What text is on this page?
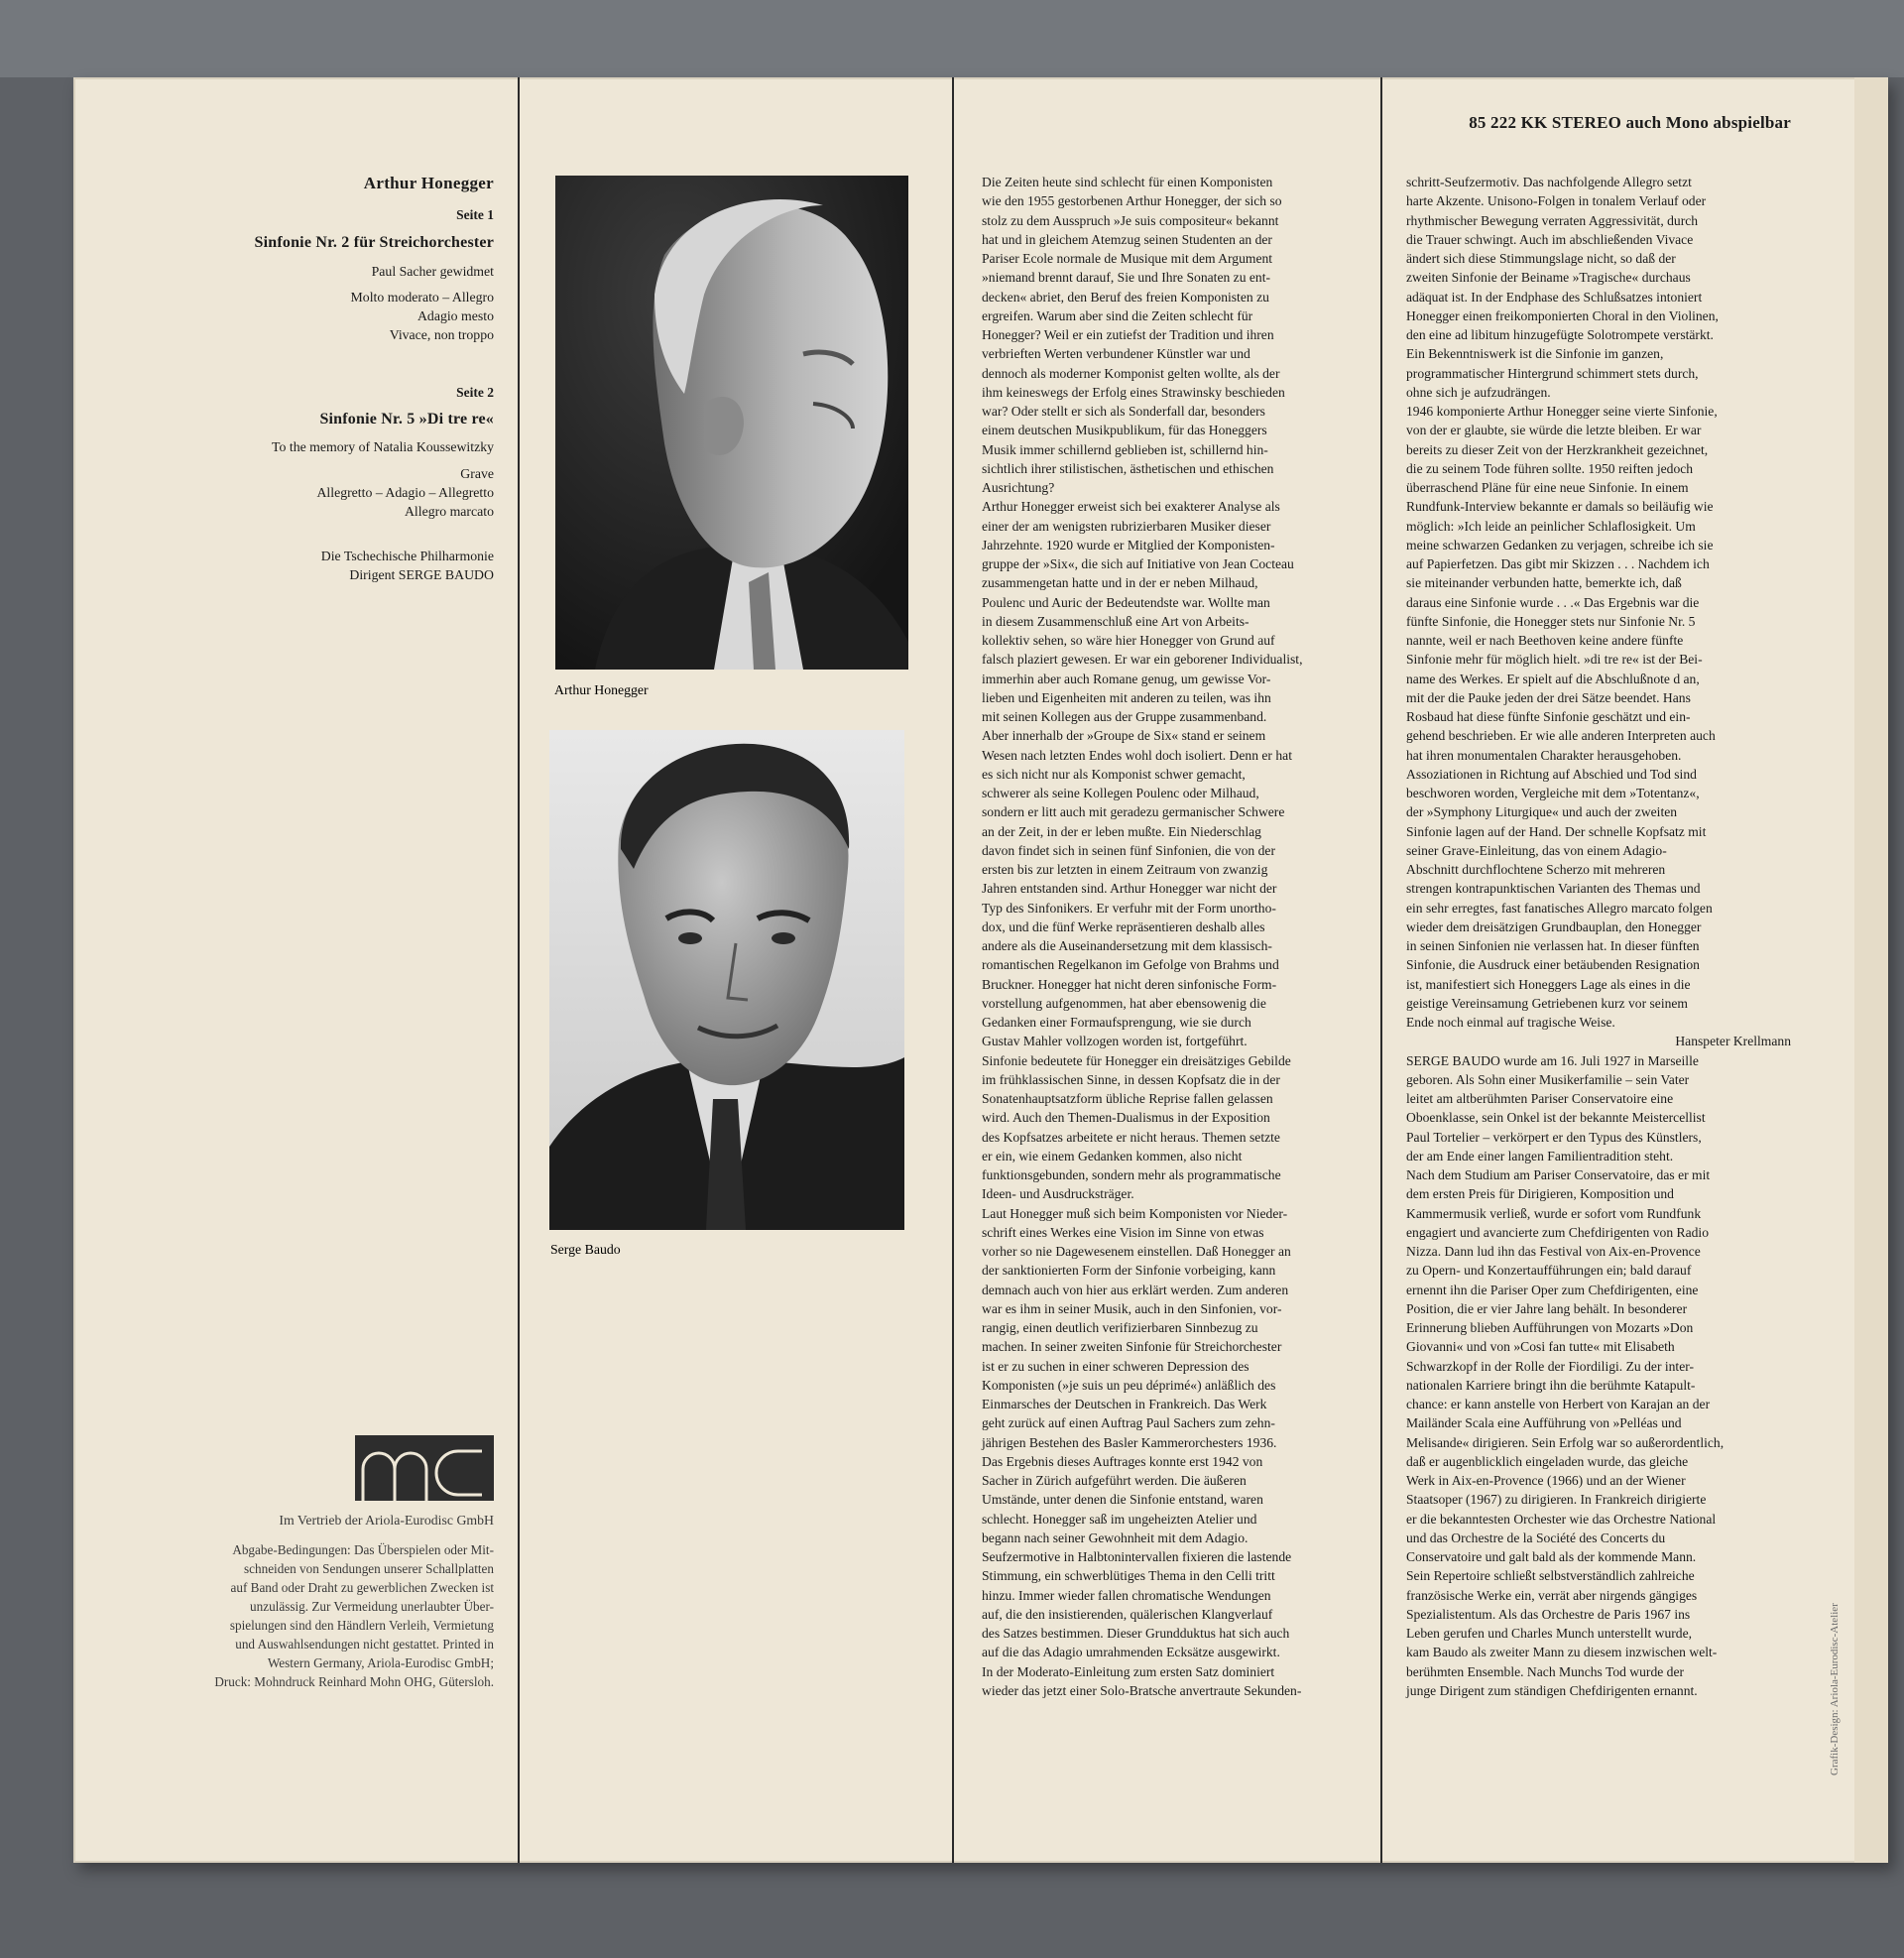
Arthur Honegger
Seite 1
Sinfonie Nr. 2 für Streichorchester
Paul Sacher gewidmet
Molto moderato – Allegro
Adagio mesto
Vivace, non troppo
Seite 2
Sinfonie Nr. 5 »Di tre re«
To the memory of Natalia Koussewitzky
Grave
Allegretto – Adagio – Allegretto
Allegro marcato
Die Tschechische Philharmonie
Dirigent SERGE BAUDO
Im Vertrieb der Ariola-Eurodisc GmbH
Abgabe-Bedingungen: Das Überspielen oder Mit-
schneiden von Sendungen unserer Schallplatten
auf Band oder Draht zu gewerblichen Zwecken ist
unzulässig. Zur Vermeidung unerlaubter Über-
spielungen sind den Händlern Verleih, Vermietung
und Auswahlsendungen nicht gestattet. Printed in
Western Germany, Ariola-Eurodisc GmbH;
Druck: Mohndruck Reinhard Mohn OHG, Gütersloh.
Arthur Honegger
Serge Baudo
Die Zeiten heute sind schlecht für einen Komponisten
wie den 1955 gestorbenen Arthur Honegger, der sich so
stolz zu dem Ausspruch »Je suis compositeur« bekannt
hat und in gleichem Atemzug seinen Studenten an der
Pariser Ecole normale de Musique mit dem Argument
»niemand brennt darauf, Sie und Ihre Sonaten zu ent-
decken« abriet, den Beruf des freien Komponisten zu
ergreifen. Warum aber sind die Zeiten schlecht für
Honegger? Weil er ein zutiefst der Tradition und ihren
verbrieften Werten verbundener Künstler war und
dennoch als moderner Komponist gelten wollte, als der
ihm keineswegs der Erfolg eines Strawinsky beschieden
war? Oder stellt er sich als Sonderfall dar, besonders
einem deutschen Musikpublikum, für das Honeggers
Musik immer schillernd geblieben ist, schillernd hin-
sichtlich ihrer stilistischen, ästhetischen und ethischen
Ausrichtung?
Arthur Honegger erweist sich bei exakterer Analyse als
einer der am wenigsten rubrizierbaren Musiker dieser
Jahrzehnte. 1920 wurde er Mitglied der Komponisten-
gruppe der »Six«, die sich auf Initiative von Jean Cocteau
zusammengetan hatte und in der er neben Milhaud,
Poulenc und Auric der Bedeutendste war. Wollte man
in diesem Zusammenschluß eine Art von Arbeits-
kollektiv sehen, so wäre hier Honegger von Grund auf
falsch plaziert gewesen. Er war ein geborener Individualist,
immerhin aber auch Romane genug, um gewisse Vor-
lieben und Eigenheiten mit anderen zu teilen, was ihn
mit seinen Kollegen aus der Gruppe zusammenband.
Aber innerhalb der »Groupe de Six« stand er seinem
Wesen nach letzten Endes wohl doch isoliert. Denn er hat
es sich nicht nur als Komponist schwer gemacht,
schwerer als seine Kollegen Poulenc oder Milhaud,
sondern er litt auch mit geradezu germanischer Schwere
an der Zeit, in der er leben mußte. Ein Niederschlag
davon findet sich in seinen fünf Sinfonien, die von der
ersten bis zur letzten in einem Zeitraum von zwanzig
Jahren entstanden sind. Arthur Honegger war nicht der
Typ des Sinfonikers. Er verfuhr mit der Form unortho-
dox, und die fünf Werke repräsentieren deshalb alles
andere als die Auseinandersetzung mit dem klassisch-
romantischen Regelkanon im Gefolge von Brahms und
Bruckner. Honegger hat nicht deren sinfonische Form-
vorstellung aufgenommen, hat aber ebensowenig die
Gedanken einer Formaufsprengung, wie sie durch
Gustav Mahler vollzogen worden ist, fortgeführt.
Sinfonie bedeutete für Honegger ein dreisätziges Gebilde
im frühklassischen Sinne, in dessen Kopfsatz die in der
Sonatenhauptsatzform übliche Reprise fallen gelassen
wird. Auch den Themen-Dualismus in der Exposition
des Kopfsatzes arbeitete er nicht heraus. Themen setzte
er ein, wie einem Gedanken kommen, also nicht
funktionsgebunden, sondern mehr als programmatische
Ideen- und Ausdrucksträger.
Laut Honegger muß sich beim Komponisten vor Nieder-
schrift eines Werkes eine Vision im Sinne von etwas
vorher so nie Dagewesenem einstellen. Daß Honegger an
der sanktionierten Form der Sinfonie vorbeiging, kann
demnach auch von hier aus erklärt werden. Zum anderen
war es ihm in seiner Musik, auch in den Sinfonien, vor-
rangig, einen deutlich verifizierbaren Sinnbezug zu
machen. In seiner zweiten Sinfonie für Streichorchester
ist er zu suchen in einer schweren Depression des
Komponisten (»je suis un peu déprimé«) anläßlich des
Einmarsches der Deutschen in Frankreich. Das Werk
geht zurück auf einen Auftrag Paul Sachers zum zehn-
jährigen Bestehen des Basler Kammerorchesters 1936.
Das Ergebnis dieses Auftrages konnte erst 1942 von
Sacher in Zürich aufgeführt werden. Die äußeren
Umstände, unter denen die Sinfonie entstand, waren
schlecht. Honegger saß im ungeheizten Atelier und
begann nach seiner Gewohnheit mit dem Adagio.
Seufzermotive in Halbtonintervallen fixieren die lastende
Stimmung, ein schwerblütiges Thema in den Celli tritt
hinzu. Immer wieder fallen chromatische Wendungen
auf, die den insistierenden, quälerischen Klangverlauf
des Satzes bestimmen. Dieser Grundduktus hat sich auch
auf die das Adagio umrahmenden Ecksätze ausgewirkt.
In der Moderato-Einleitung zum ersten Satz dominiert
wieder das jetzt einer Solo-Bratsche anvertraute Sekunden-
85 222 KK STEREO auch Mono abspielbar
schritt-Seufzermotiv. Das nachfolgende Allegro setzt
harte Akzente. Unisono-Folgen in tonalem Verlauf oder
rhythmischer Bewegung verraten Aggressivität, durch
die Trauer schwingt. Auch im abschließenden Vivace
ändert sich diese Stimmungslage nicht, so daß der
zweiten Sinfonie der Beiname »Tragische« durchaus
adäquat ist. In der Endphase des Schlußsatzes intoniert
Honegger einen freikomponierten Choral in den Violinen,
den eine ad libitum hinzugefügte Solotrompete verstärkt.
Ein Bekenntniswerk ist die Sinfonie im ganzen,
programmatischer Hintergrund schimmert stets durch,
ohne sich je aufzudrängen.
1946 komponierte Arthur Honegger seine vierte Sinfonie,
von der er glaubte, sie würde die letzte bleiben. Er war
bereits zu dieser Zeit von der Herzkrankheit gezeichnet,
die zu seinem Tode führen sollte. 1950 reiften jedoch
überraschend Pläne für eine neue Sinfonie. In einem
Rundfunk-Interview bekannte er damals so beiläufig wie
möglich: »Ich leide an peinlicher Schlaflosigkeit. Um
meine schwarzen Gedanken zu verjagen, schreibe ich sie
auf Papierfetzen. Das gibt mir Skizzen . . . Nachdem ich
sie miteinander verbunden hatte, bemerkte ich, daß
daraus eine Sinfonie wurde . . .« Das Ergebnis war die
fünfte Sinfonie, die Honegger stets nur Sinfonie Nr. 5
nannte, weil er nach Beethoven keine andere fünfte
Sinfonie mehr für möglich hielt. »di tre re« ist der Bei-
name des Werkes. Er spielt auf die Abschlußnote d an,
mit der die Pauke jeden der drei Sätze beendet. Hans
Rosbaud hat diese fünfte Sinfonie geschätzt und ein-
gehend beschrieben. Er wie alle anderen Interpreten auch
hat ihren monumentalen Charakter herausgehoben.
Assoziationen in Richtung auf Abschied und Tod sind
beschworen worden, Vergleiche mit dem »Totentanz«,
der »Symphony Liturgique« und auch der zweiten
Sinfonie lagen auf der Hand. Der schnelle Kopfsatz mit
seiner Grave-Einleitung, das von einem Adagio-
Abschnitt durchflochtene Scherzo mit mehreren
strengen kontrapunktischen Varianten des Themas und
ein sehr erregtes, fast fanatisches Allegro marcato folgen
wieder dem dreisätzigen Grundbauplan, den Honegger
in seinen Sinfonien nie verlassen hat. In dieser fünften
Sinfonie, die Ausdruck einer betäubenden Resignation
ist, manifestiert sich Honeggers Lage als eines in die
geistige Vereinsamung Getriebenen kurz vor seinem
Ende noch einmal auf tragische Weise.
Hanspeter Krellmann
SERGE BAUDO wurde am 16. Juli 1927 in Marseille
geboren. Als Sohn einer Musikerfamilie – sein Vater
leitet am altberühmten Pariser Conservatoire eine
Oboenklasse, sein Onkel ist der bekannte Meistercellist
Paul Tortelier – verkörpert er den Typus des Künstlers,
der am Ende einer langen Familientradition steht.
Nach dem Studium am Pariser Conservatoire, das er mit
dem ersten Preis für Dirigieren, Komposition und
Kammermusik verließ, wurde er sofort vom Rundfunk
engagiert und avancierte zum Chefdirigenten von Radio
Nizza. Dann lud ihn das Festival von Aix-en-Provence
zu Opern- und Konzertaufführungen ein; bald darauf
ernennt ihn die Pariser Oper zum Chefdirigenten, eine
Position, die er vier Jahre lang behält. In besonderer
Erinnerung blieben Aufführungen von Mozarts »Don
Giovanni« und von »Cosi fan tutte« mit Elisabeth
Schwarzkopf in der Rolle der Fiordiligi. Zu der inter-
nationalen Karriere bringt ihn die berühmte Katapult-
chance: er kann anstelle von Herbert von Karajan an der
Mailänder Scala eine Aufführung von »Pelléas und
Melisande« dirigieren. Sein Erfolg war so außerordentlich,
daß er augenblicklich eingeladen wurde, das gleiche
Werk in Aix-en-Provence (1966) und an der Wiener
Staatsoper (1967) zu dirigieren. In Frankreich dirigierte
er die bekanntesten Orchester wie das Orchestre National
und das Orchestre de la Société des Concerts du
Conservatoire und galt bald als der kommende Mann.
Sein Repertoire schließt selbstverständlich zahlreiche
französische Werke ein, verrät aber nirgends gängiges
Spezialistentum. Als das Orchestre de Paris 1967 ins
Leben gerufen und Charles Munch unterstellt wurde,
kam Baudo als zweiter Mann zu diesem inzwischen welt-
berühmten Ensemble. Nach Munchs Tod wurde der
junge Dirigent zum ständigen Chefdirigenten ernannt.	Grafik-Design: Ariola-Eurodisc-Atelier
